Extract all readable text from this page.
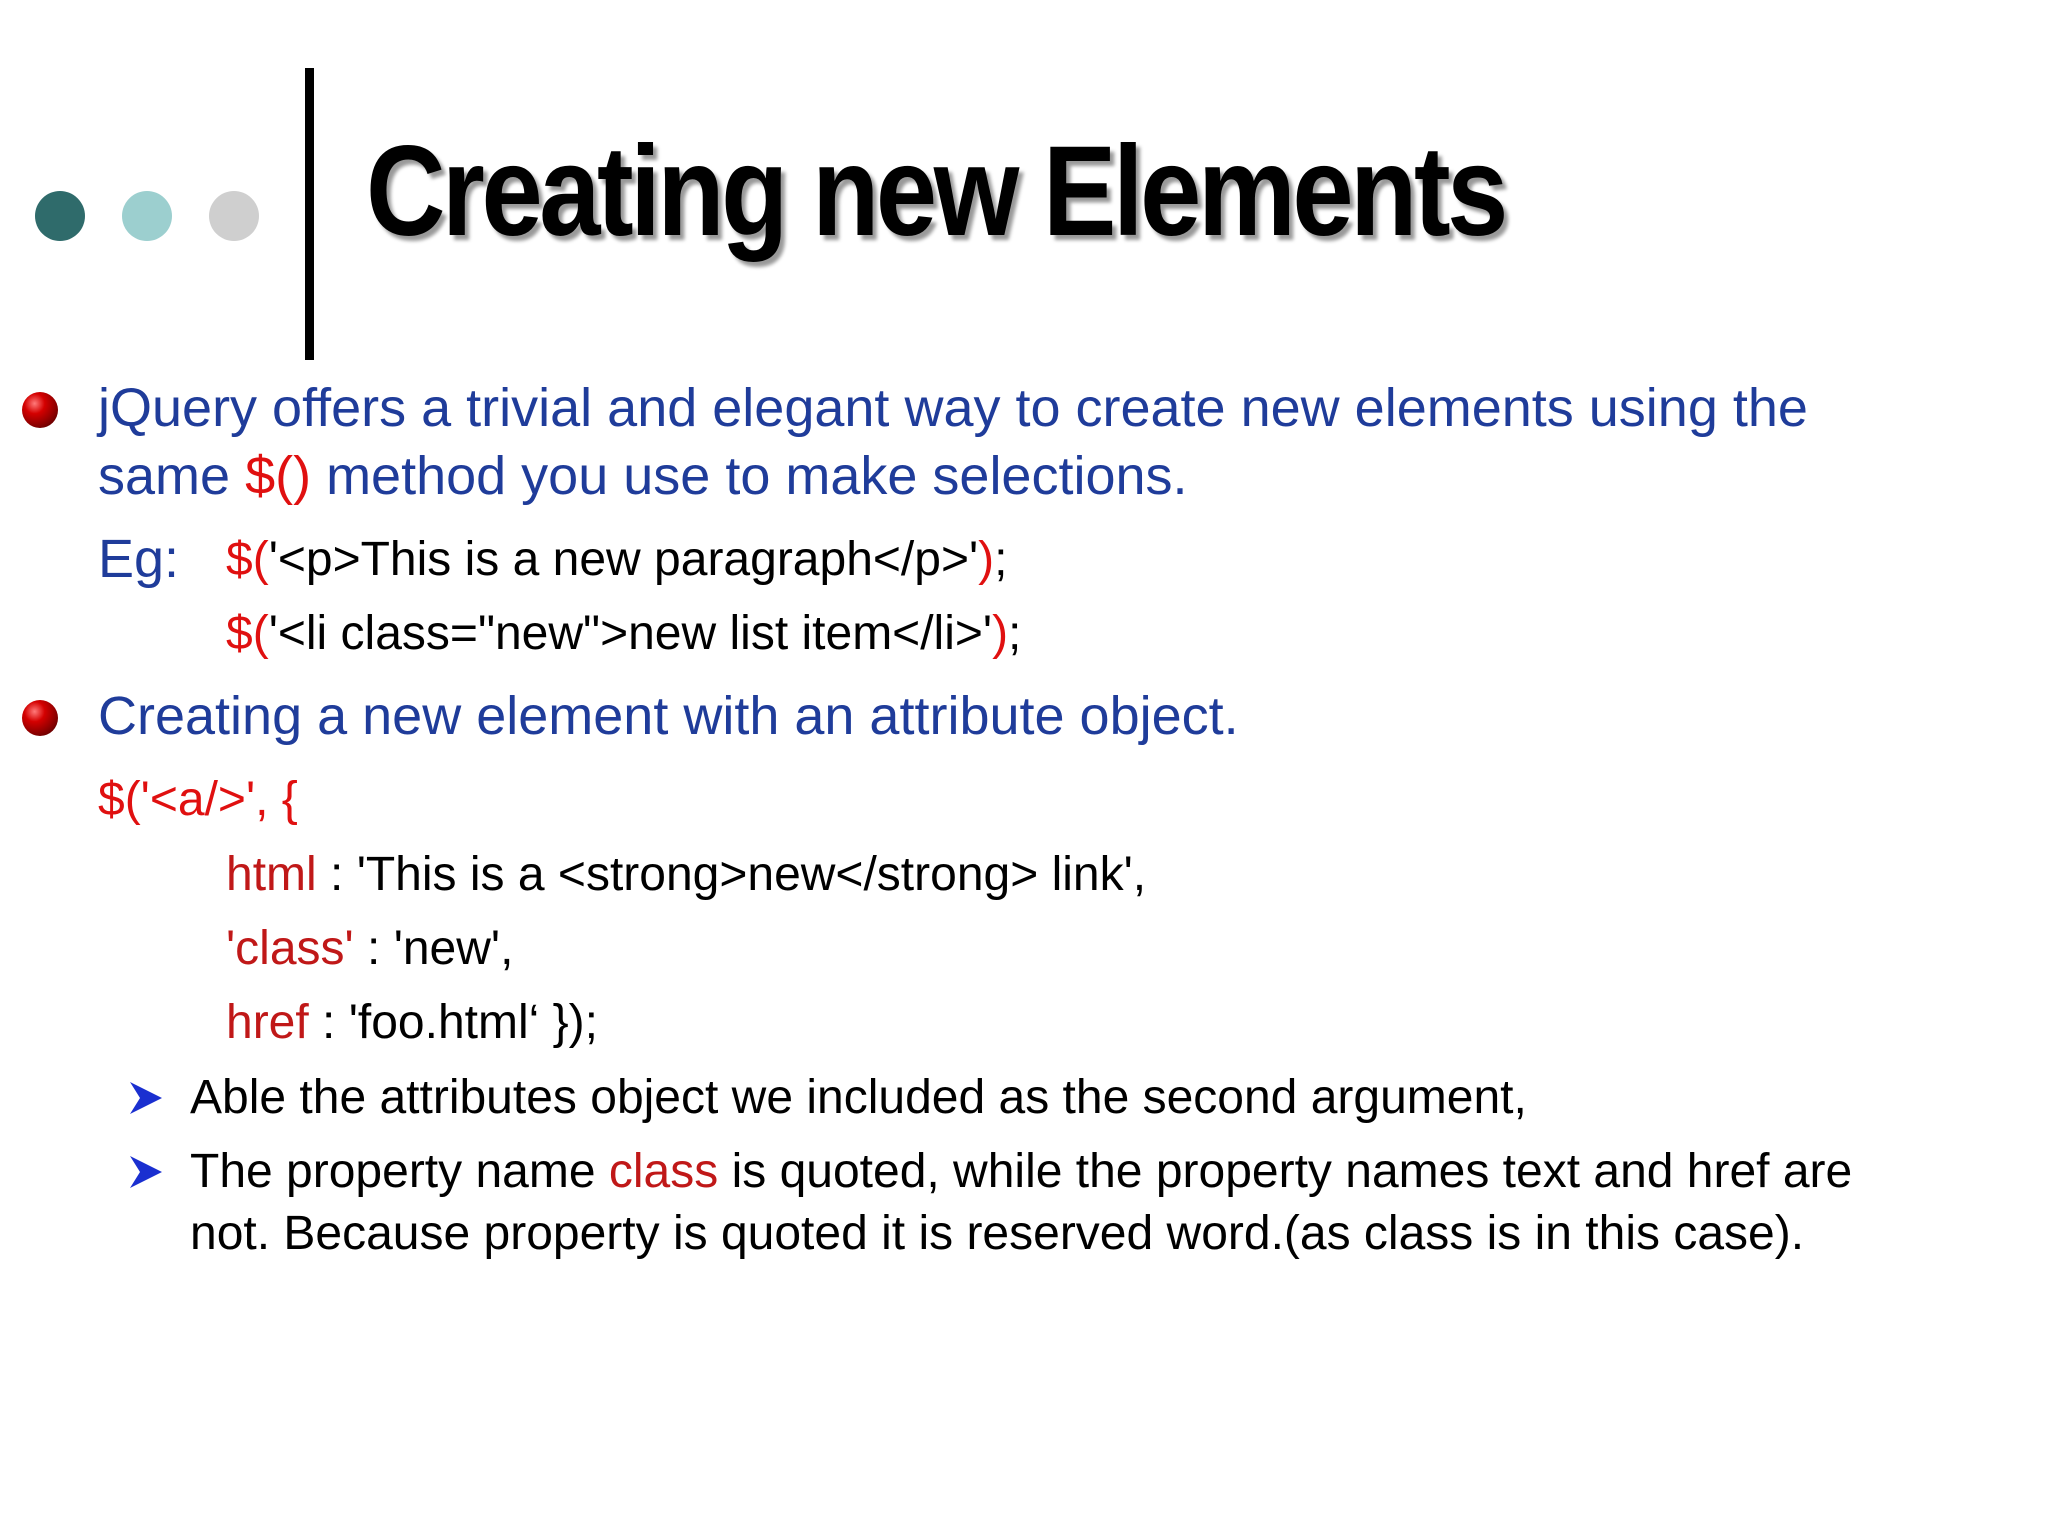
Creating new Elements
jQuery offers a trivial and elegant way to create new elements using the
same $() method you use to make selections.
Eg: $('<p>This is a new paragraph</p>');
$('<li class="new">new list item</li>');
Creating a new element with an attribute object.
$('<a/>', {
html : 'This is a <strong>new</strong> link',
'class' : 'new',
href : 'foo.html‘ });
Able the attributes object we included as the second argument,
The property name class is quoted, while the property names text and href are
not. Because property is quoted it is reserved word.(as class is in this case).
